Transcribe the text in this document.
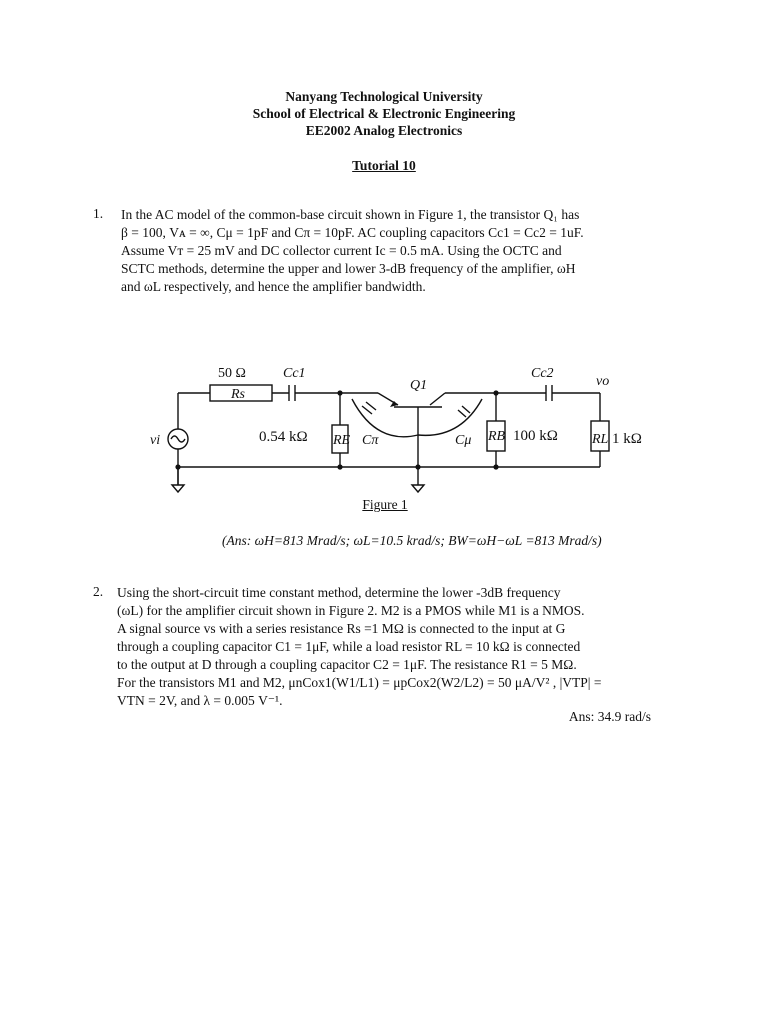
Nanyang Technological University
School of Electrical & Electronic Engineering
EE2002 Analog Electronics
Tutorial 10
1. In the AC model of the common-base circuit shown in Figure 1, the transistor Q₁ has

β = 100, Vᴀ = ∞, Cμ = 1pF and Cπ = 10pF. AC coupling capacitors Cc1 = Cc2 = 1uF.

Assume Vᴛ = 25 mV and DC collector current Ic = 0.5 mA. Using the OCTC and

SCTC methods, determine the upper and lower 3-dB frequency of the amplifier, ωH

and ωL respectively, and hence the amplifier bandwidth.

50 Ω
Rs
Cc1
Q1
Cc2
vo
vi	0.54 kΩ RE Cπ	Cμ RB 100 kΩ RL 1 kΩ
Figure 1
(Ans: ωH=813 Mrad/s; ωL=10.5 krad/s; BW=ωH−ωL =813 Mrad/s)
2. Using the short-circuit time constant method, determine the lower -3dB frequency

(ωL) for the amplifier circuit shown in Figure 2. M2 is a PMOS while M1 is a NMOS.

A signal source vs with a series resistance Rs =1 MΩ is connected to the input at G

through a coupling capacitor C1 = 1μF, while a load resistor RL = 10 kΩ is connected

to the output at D through a coupling capacitor C2 = 1μF. The resistance R1 = 5 MΩ.

For the transistors M1 and M2, μnCox1(W1/L1) = μpCox2(W2/L2) = 50 μA/V² , |VTP| =

VTN = 2V, and λ = 0.005 V⁻¹.

Ans: 34.9 rad/s
